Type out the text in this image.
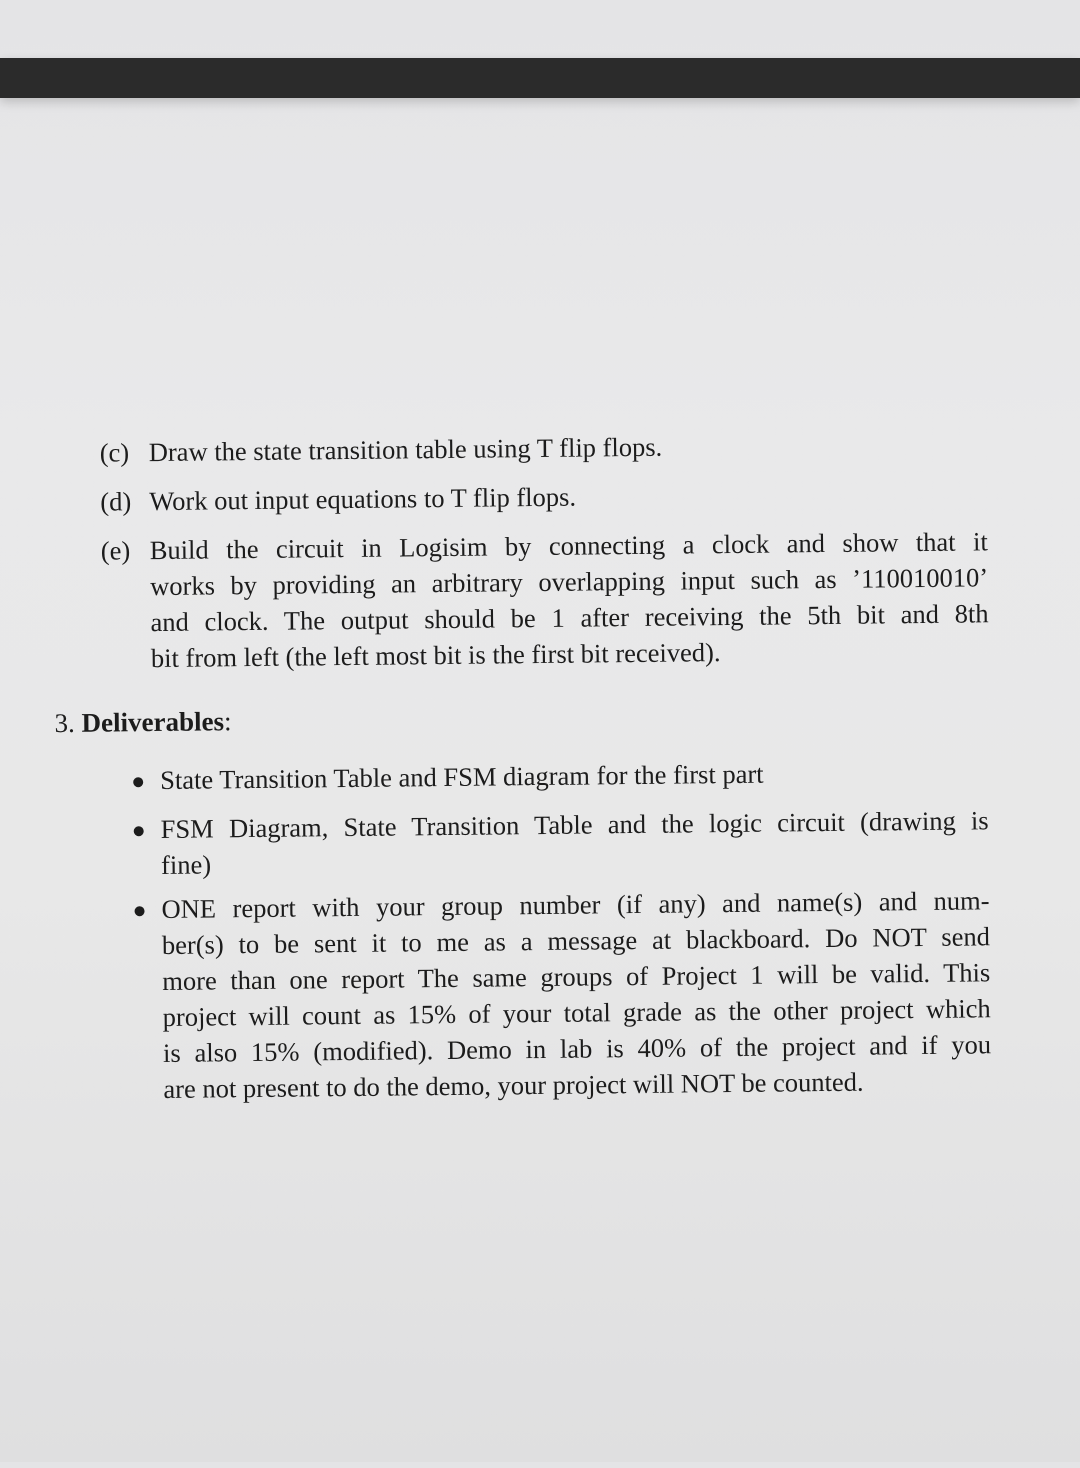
(c) Draw the state transition table using T flip flops.
(d) Work out input equations to T flip flops.
(e) Build the circuit in Logisim by connecting a clock and show that it
works by providing an arbitrary overlapping input such as ’110010010’
and clock. The output should be 1 after receiving the 5th bit and 8th
bit from left (the left most bit is the first bit received).
3. Deliverables:
State Transition Table and FSM diagram for the first part
FSM Diagram, State Transition Table and the logic circuit (drawing is
fine)
ONE report with your group number (if any) and name(s) and num-
ber(s) to be sent it to me as a message at blackboard. Do NOT send
more than one report The same groups of Project 1 will be valid. This
project will count as 15% of your total grade as the other project which
is also 15% (modified). Demo in lab is 40% of the project and if you
are not present to do the demo, your project will NOT be counted.
